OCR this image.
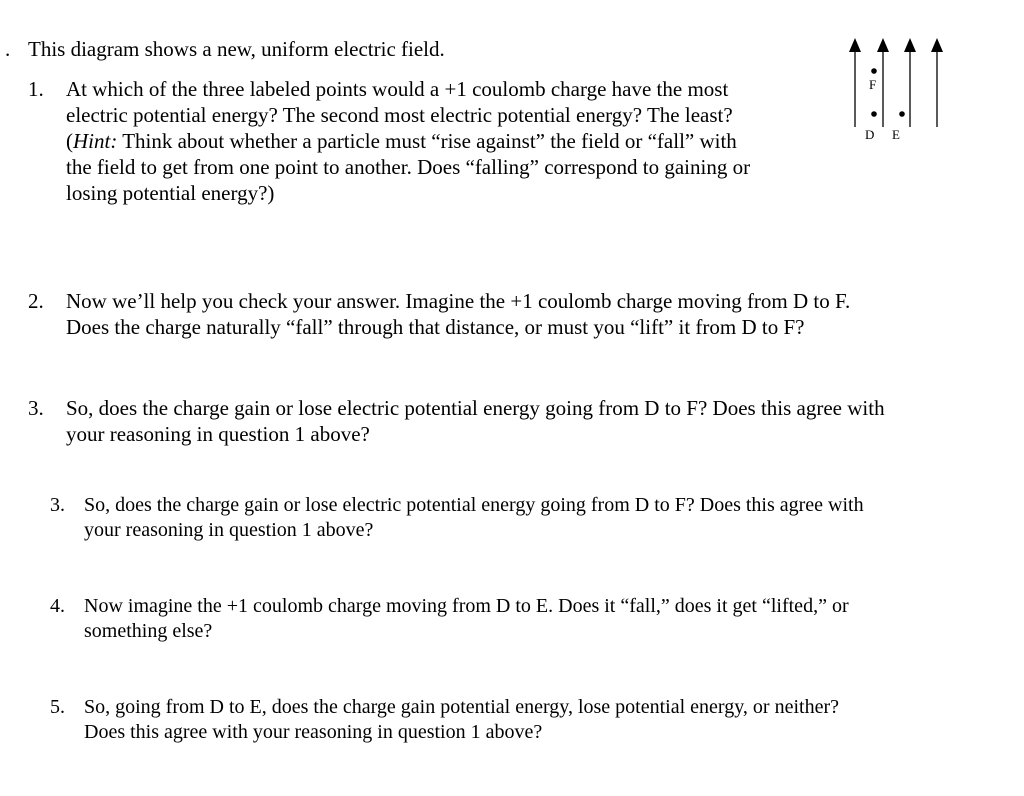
. This diagram shows a new, uniform electric field.
1. At which of the three labeled points would a +1 coulomb charge have the most
electric potential energy? The second most electric potential energy? The least?
(Hint: Think about whether a particle must “rise against” the field or “fall” with
the field to get from one point to another. Does “falling” correspond to gaining or
losing potential energy?)
2. Now we’ll help you check your answer. Imagine the +1 coulomb charge moving from D to F.
Does the charge naturally “fall” through that distance, or must you “lift” it from D to F?
3. So, does the charge gain or lose electric potential energy going from D to F? Does this agree with
your reasoning in question 1 above?
3. So, does the charge gain or lose electric potential energy going from D to F? Does this agree with
your reasoning in question 1 above?
4. Now imagine the +1 coulomb charge moving from D to E. Does it “fall,” does it get “lifted,” or
something else?
5. So, going from D to E, does the charge gain potential energy, lose potential energy, or neither?
Does this agree with your reasoning in question 1 above?
F
D E
